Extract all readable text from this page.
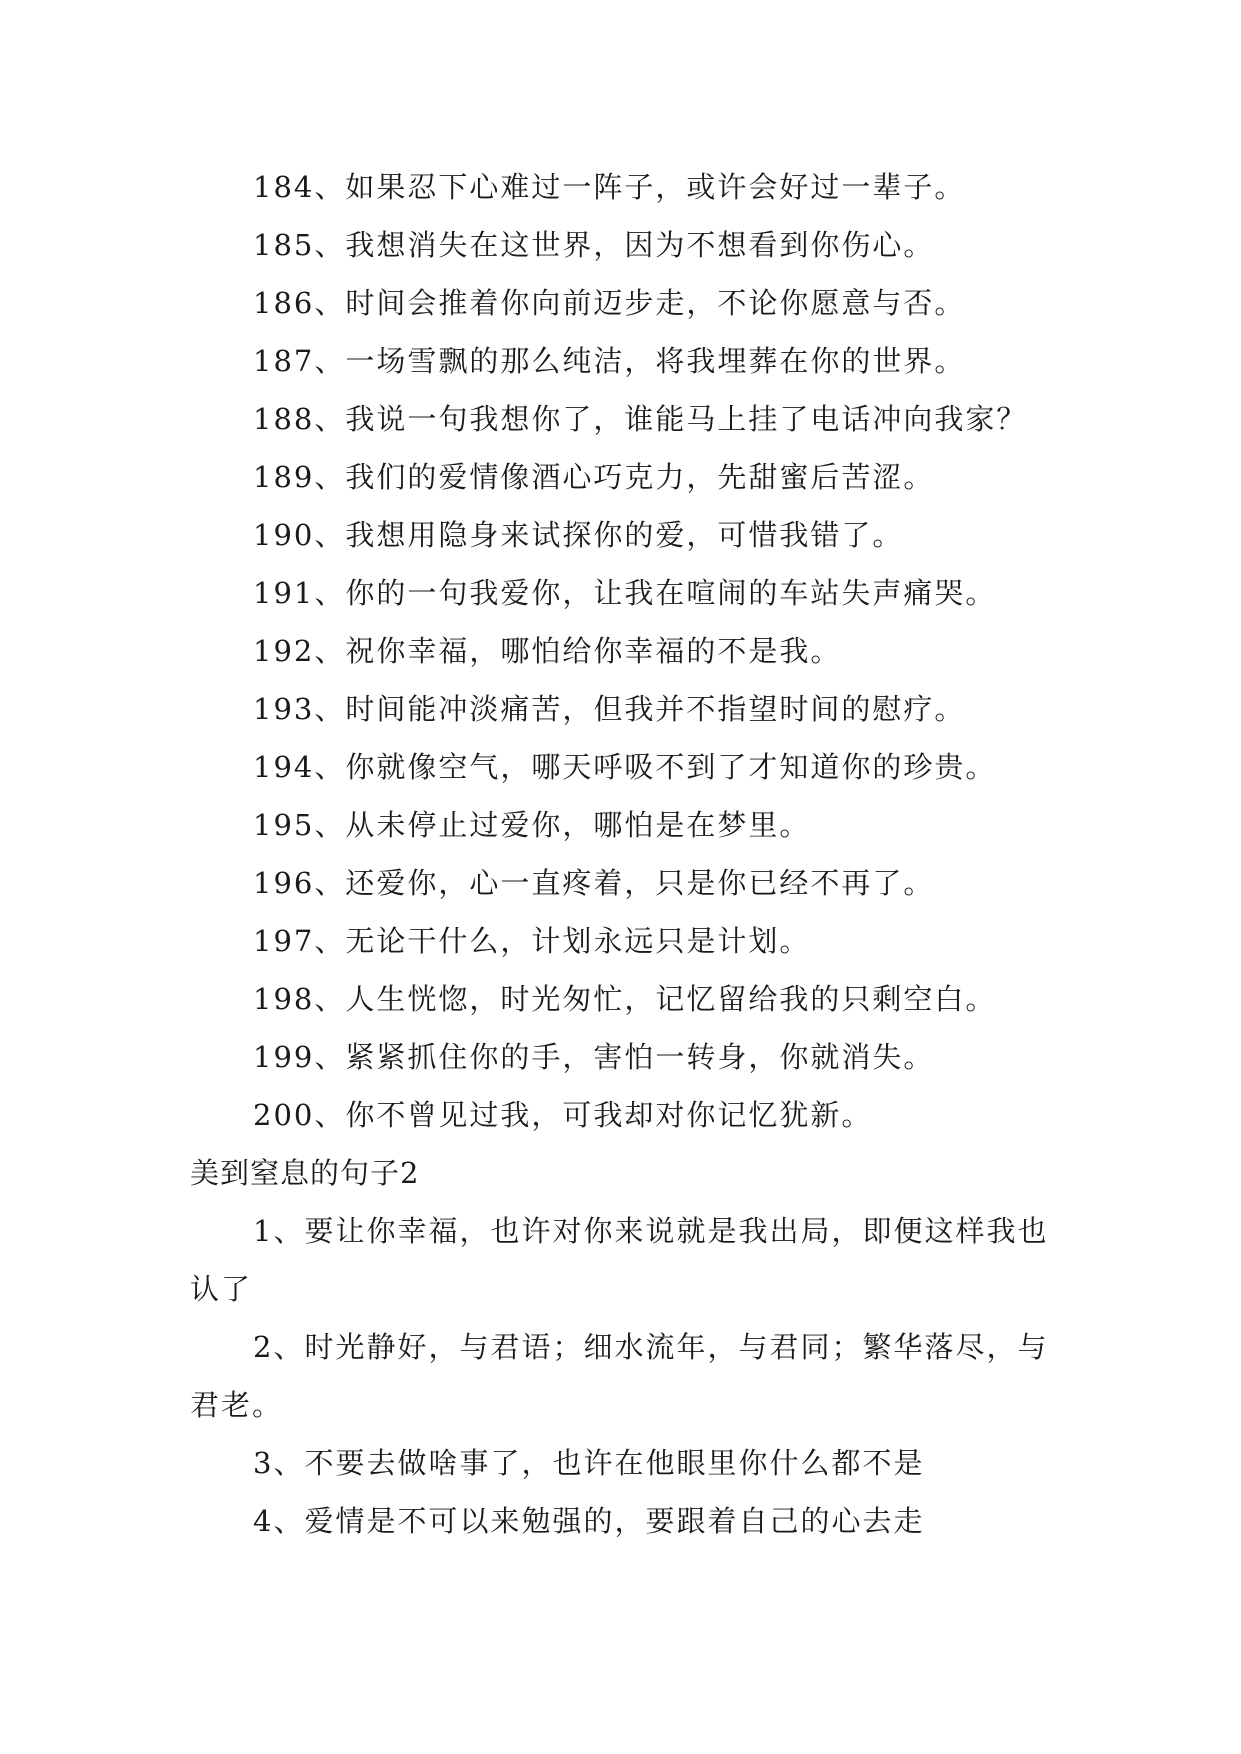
184、如果忍下心难过一阵子，或许会好过一辈子。
185、我想消失在这世界，因为不想看到你伤心。
186、时间会推着你向前迈步走，不论你愿意与否。
187、一场雪飘的那么纯洁，将我埋葬在你的世界。
188、我说一句我想你了，谁能马上挂了电话冲向我家？
189、我们的爱情像酒心巧克力，先甜蜜后苦涩。
190、我想用隐身来试探你的爱，可惜我错了。
191、你的一句我爱你，让我在喧闹的车站失声痛哭。
192、祝你幸福，哪怕给你幸福的不是我。
193、时间能冲淡痛苦，但我并不指望时间的慰疗。
194、你就像空气，哪天呼吸不到了才知道你的珍贵。
195、从未停止过爱你，哪怕是在梦里。
196、还爱你，心一直疼着，只是你已经不再了。
197、无论干什么，计划永远只是计划。
198、人生恍惚，时光匆忙，记忆留给我的只剩空白。
199、紧紧抓住你的手，害怕一转身，你就消失。
200、你不曾见过我，可我却对你记忆犹新。
美到窒息的句子2
1、要让你幸福，也许对你来说就是我出局，即便这样我也认了
2、时光静好，与君语；细水流年，与君同；繁华落尽，与君老。
3、不要去做啥事了，也许在他眼里你什么都不是
4、爱情是不可以来勉强的，要跟着自己的心去走
